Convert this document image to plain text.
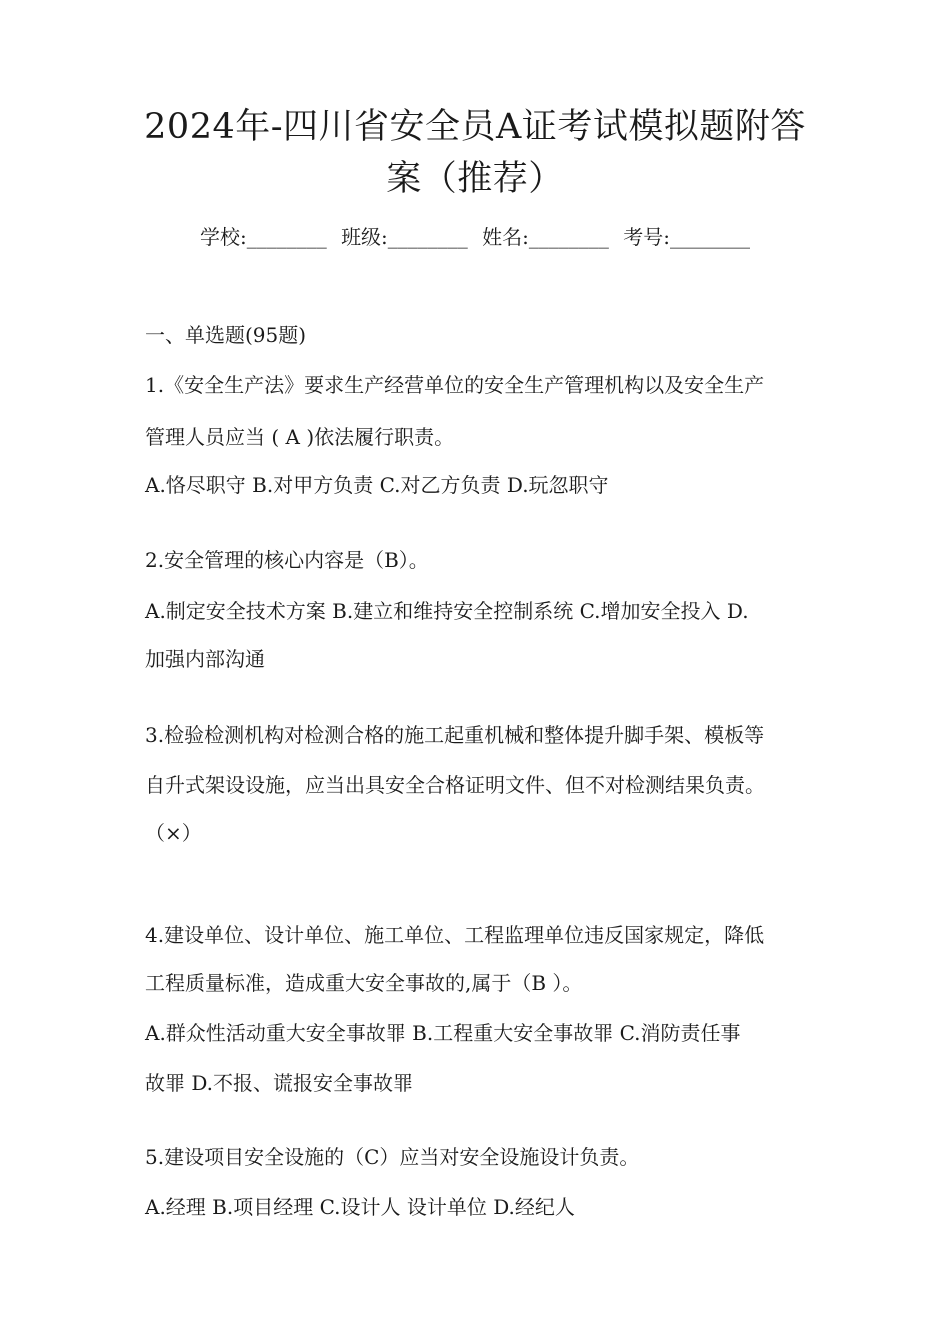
2024年-四川省安全员A证考试模拟题附答
案（推荐）
学校:________ 班级:________ 姓名:________ 考号:________
一、单选题(95题)
1.《安全生产法》要求生产经营单位的安全生产管理机构以及安全生产
管理人员应当 ( A )依法履行职责。
A.恪尽职守 B.对甲方负责 C.对乙方负责 D.玩忽职守
2.安全管理的核心内容是（B）。
A.制定安全技术方案 B.建立和维持安全控制系统 C.增加安全投入 D.
加强内部沟通
3.检验检测机构对检测合格的施工起重机械和整体提升脚手架、模板等
自升式架设设施，应当出具安全合格证明文件、但不对检测结果负责。
（×）
4.建设单位、设计单位、施工单位、工程监理单位违反国家规定，降低
工程质量标准，造成重大安全事故的,属于（B ）。
A.群众性活动重大安全事故罪 B.工程重大安全事故罪 C.消防责任事
故罪 D.不报、谎报安全事故罪
5.建设项目安全设施的（C）应当对安全设施设计负责。
A.经理 B.项目经理 C.设计人 设计单位 D.经纪人
